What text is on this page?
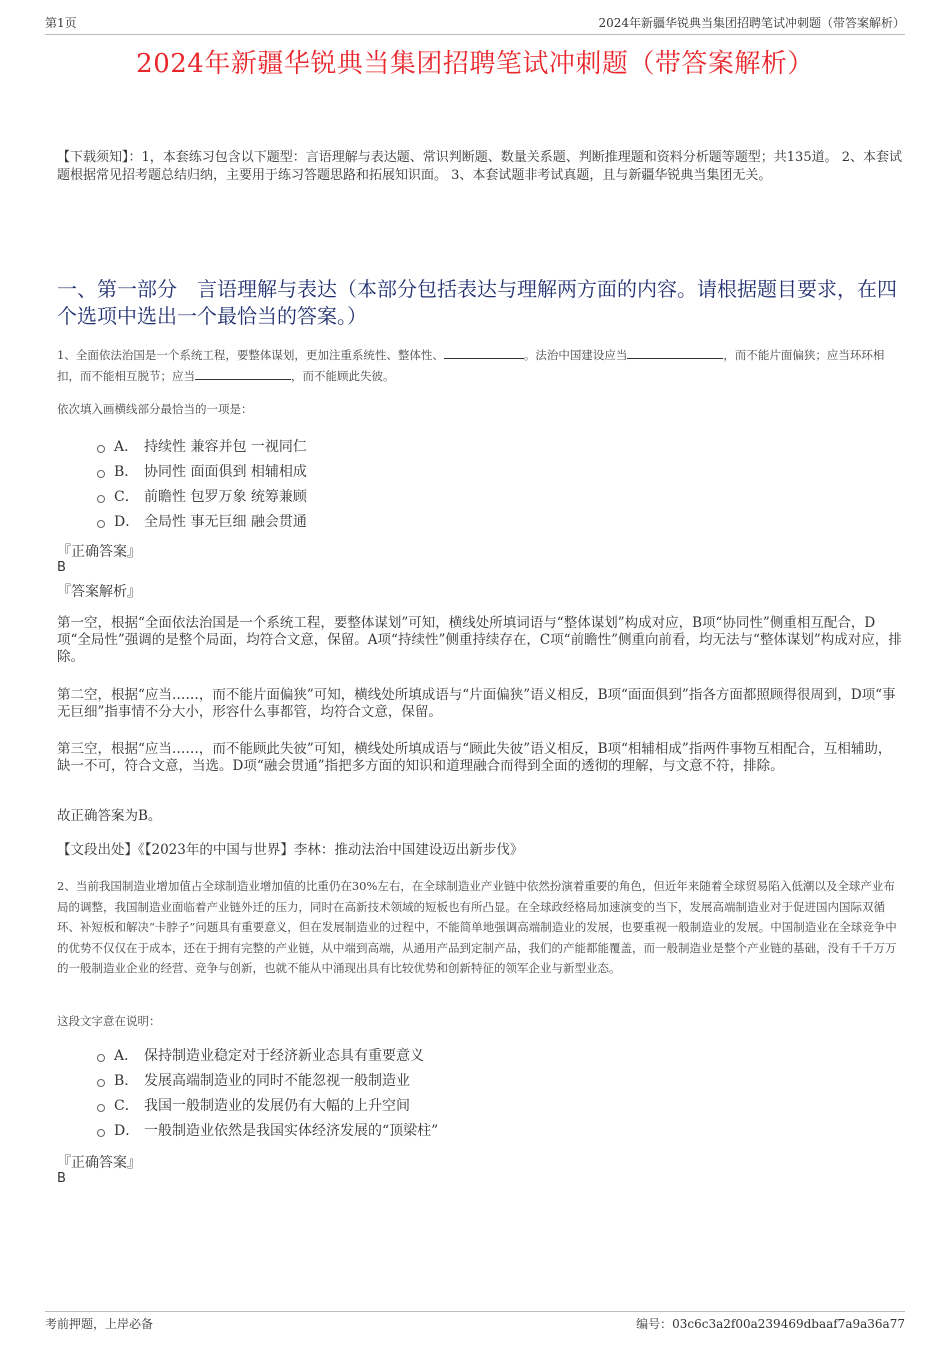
第1页	2024年新疆华锐典当集团招聘笔试冲刺题（带答案解析）
2024年新疆华锐典当集团招聘笔试冲刺题（带答案解析）
【下载须知】：1，本套练习包含以下题型：言语理解与表达题、常识判断题、数量关系题、判断推理题和资料分析题等题型；共135道。 2、本套试题根据常见招考题总结归纳，主要用于练习答题思路和拓展知识面。 3、本套试题非考试真题，且与新疆华锐典当集团无关。
一、第一部分　言语理解与表达（本部分包括表达与理解两方面的内容。请根据题目要求，在四个选项中选出一个最恰当的答案。）
1、全面依法治国是一个系统工程，要整体谋划，更加注重系统性、整体性、	。法治中国建设应当	，而不能片面偏狭；应当环环相扣，而不能相互脱节；应当	，而不能顾此失彼。
依次填入画横线部分最恰当的一项是：
A． 持续性 兼容并包 一视同仁
B． 协同性 面面俱到 相辅相成
C． 前瞻性 包罗万象 统筹兼顾
D． 全局性 事无巨细 融会贯通
『正确答案』
B
『答案解析』
第一空，根据“全面依法治国是一个系统工程，要整体谋划”可知，横线处所填词语与“整体谋划”构成对应，B项“协同性”侧重相互配合，D项“全局性”强调的是整个局面，均符合文意，保留。A项“持续性”侧重持续存在，C项“前瞻性”侧重向前看，均无法与“整体谋划”构成对应，排除。
第二空，根据“应当……，而不能片面偏狭”可知，横线处所填成语与“片面偏狭”语义相反，B项“面面俱到”指各方面都照顾得很周到，D项“事无巨细”指事情不分大小，形容什么事都管，均符合文意，保留。
第三空，根据“应当……，而不能顾此失彼”可知，横线处所填成语与“顾此失彼”语义相反，B项“相辅相成”指两件事物互相配合，互相辅助，缺一不可，符合文意，当选。D项“融会贯通”指把多方面的知识和道理融合而得到全面的透彻的理解，与文意不符，排除。
故正确答案为B。
【文段出处】《【2023年的中国与世界】李林：推动法治中国建设迈出新步伐》
2、当前我国制造业增加值占全球制造业增加值的比重仍在30%左右，在全球制造业产业链中依然扮演着重要的角色，但近年来随着全球贸易陷入低潮以及全球产业布局的调整，我国制造业面临着产业链外迁的压力，同时在高新技术领域的短板也有所凸显。在全球政经格局加速演变的当下，发展高端制造业对于促进国内国际双循环、补短板和解决“卡脖子”问题具有重要意义，但在发展制造业的过程中，不能简单地强调高端制造业的发展，也要重视一般制造业的发展。中国制造业在全球竞争中的优势不仅仅在于成本，还在于拥有完整的产业链，从中端到高端，从通用产品到定制产品，我们的产能都能覆盖，而一般制造业是整个产业链的基础，没有千千万万的一般制造业企业的经营、竞争与创新，也就不能从中涌现出具有比较优势和创新特征的领军企业与新型业态。
这段文字意在说明：
A． 保持制造业稳定对于经济新业态具有重要意义
B． 发展高端制造业的同时不能忽视一般制造业
C． 我国一般制造业的发展仍有大幅的上升空间
D． 一般制造业依然是我国实体经济发展的“顶梁柱”
『正确答案』
B
考前押题，上岸必备	编号：03c6c3a2f00a239469dbaaf7a9a36a77
